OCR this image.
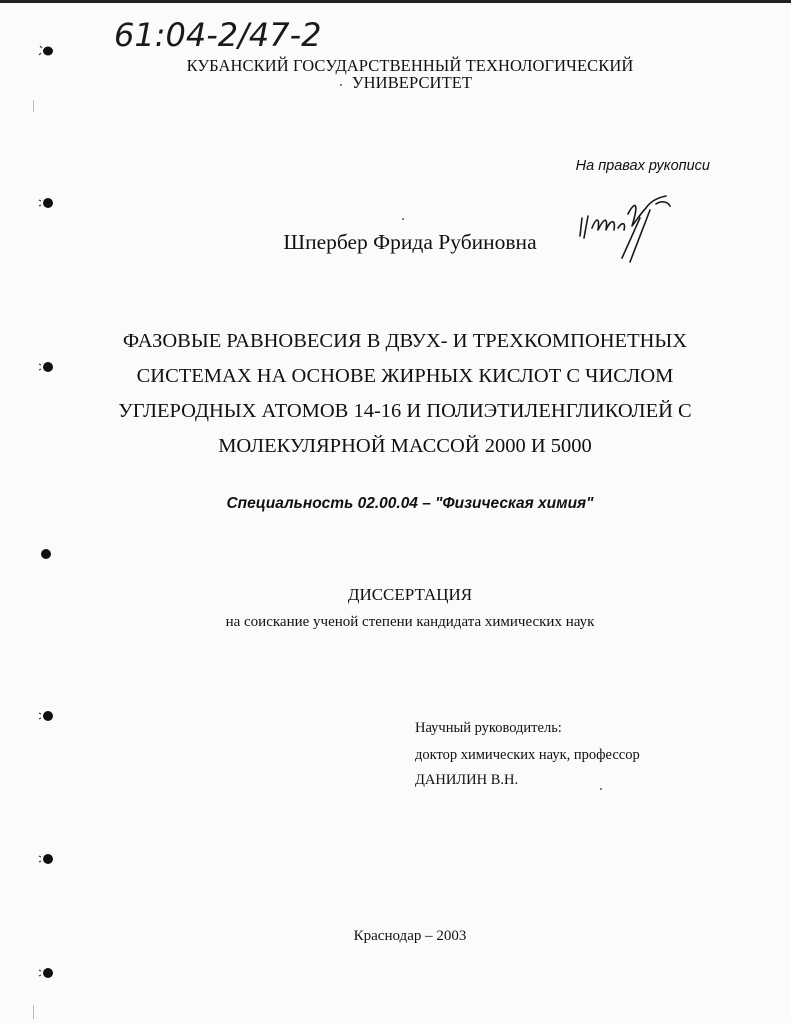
61:04-2/47-2
КУБАНСКИЙ ГОСУДАРСТВЕННЫЙ ТЕХНОЛОГИЧЕСКИЙ
УНИВЕРСИТЕТ
На правах рукописи
Шпербер Фрида Рубиновна
ФАЗОВЫЕ РАВНОВЕСИЯ В ДВУХ- И ТРЕХКОМПОНЕТНЫХ
СИСТЕМАХ НА ОСНОВЕ ЖИРНЫХ КИСЛОТ С ЧИСЛОМ
УГЛЕРОДНЫХ АТОМОВ 14-16 И ПОЛИЭТИЛЕНГЛИКОЛЕЙ С
МОЛЕКУЛЯРНОЙ МАССОЙ 2000 И 5000
Специальность 02.00.04 – "Физическая химия"
ДИССЕРТАЦИЯ
на соискание ученой степени кандидата химических наук
Научный руководитель:
доктор химических наук, профессор
ДАНИЛИН В.Н.
Краснодар – 2003
